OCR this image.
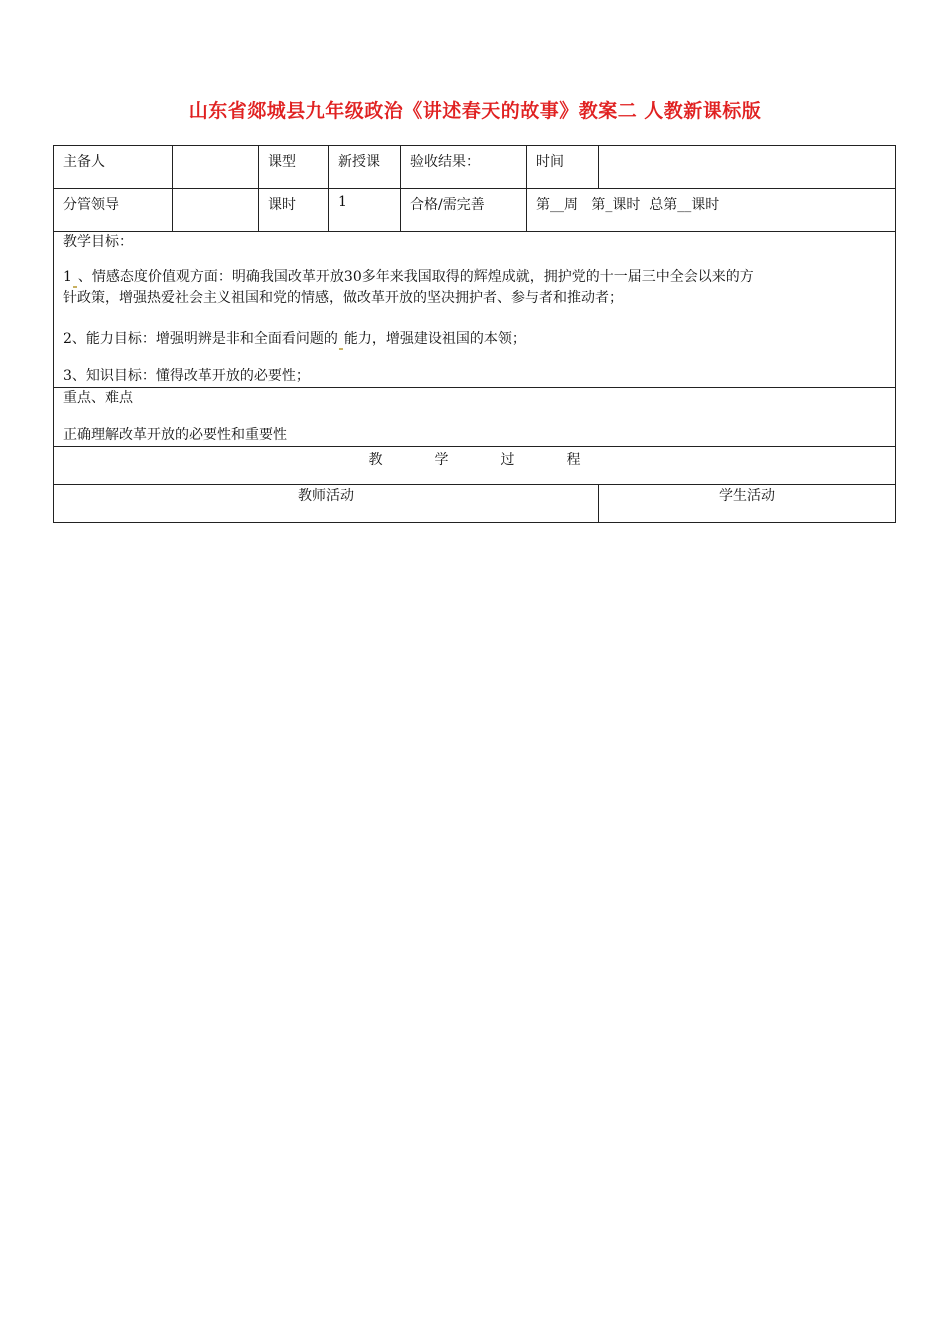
山东省郯城县九年级政治《讲述春天的故事》教案二 人教新课标版
主备人		课型	新授课	验收结果：	时间	
分管领导		课时	1	合格/需完善	第__周   第_课时  总第__课时	

教学目标：

1 、情感态度价值观方面：明确我国改革开放30多年来我国取得的辉煌成就，拥护党的十一届三中全会以来的方

针政策，增强热爱社会主义祖国和党的情感，做改革开放的坚决拥护者、参与者和推动者；

2、能力目标：增强明辨是非和全面看问题的 能力，增强建设祖国的本领；

3、知识目标：懂得改革开放的必要性；						

重点、难点

正确理解改革开放的必要性和重要性						

教 学 过 程						

教师活动						学生活动
